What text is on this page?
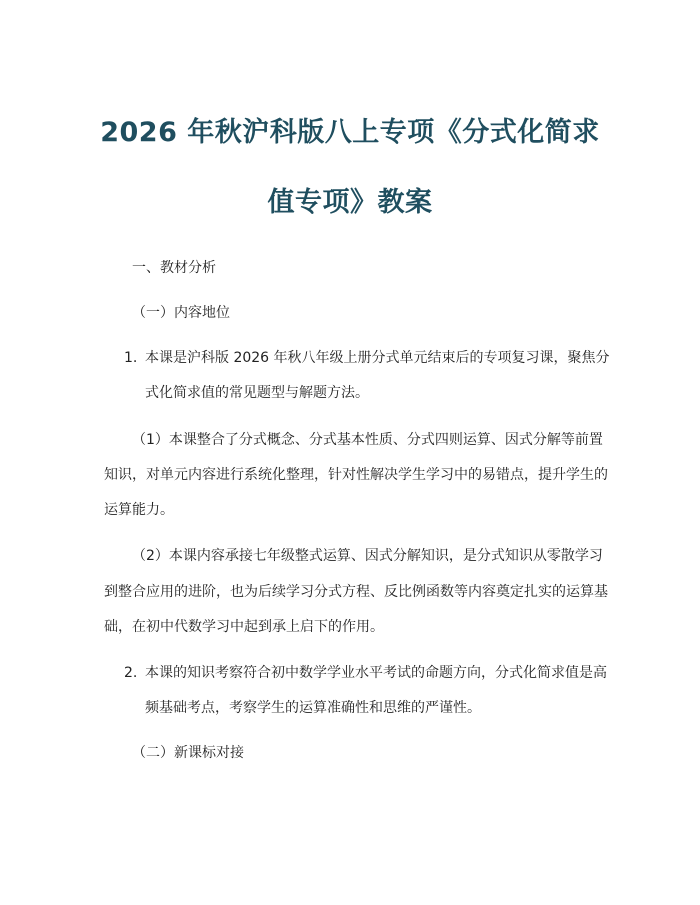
2026 年秋沪科版八上专项《分式化简求
值专项》教案
一、教材分析
（一）内容地位
1. 本课是沪科版 2026 年秋八年级上册分式单元结束后的专项复习课，聚焦分
式化简求值的常见题型与解题方法。
（1）本课整合了分式概念、分式基本性质、分式四则运算、因式分解等前置
知识，对单元内容进行系统化整理，针对性解决学生学习中的易错点，提升学生的
运算能力。
（2）本课内容承接七年级整式运算、因式分解知识，是分式知识从零散学习
到整合应用的进阶，也为后续学习分式方程、反比例函数等内容奠定扎实的运算基
础，在初中代数学习中起到承上启下的作用。
2. 本课的知识考察符合初中数学学业水平考试的命题方向，分式化简求值是高
频基础考点，考察学生的运算准确性和思维的严谨性。
（二）新课标对接
